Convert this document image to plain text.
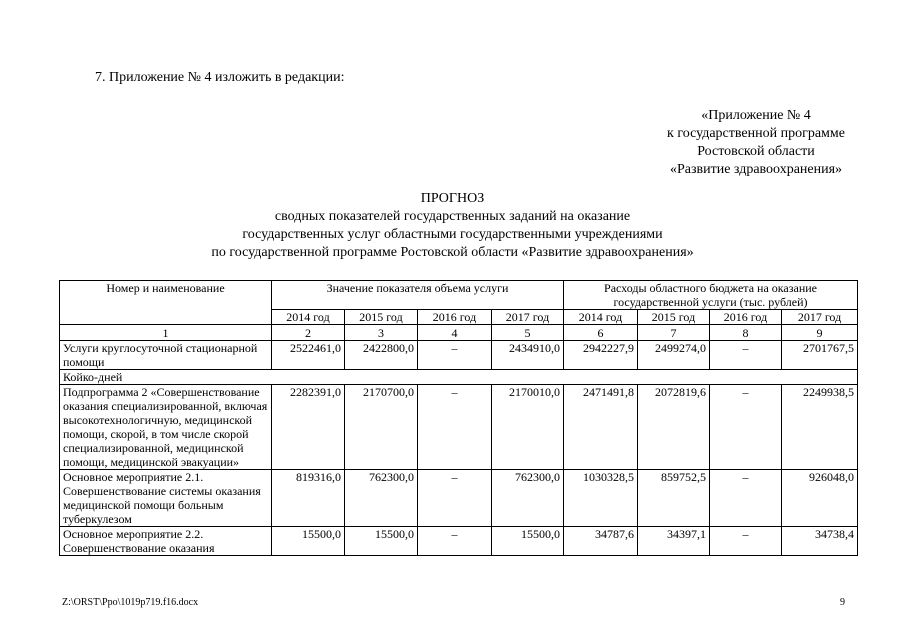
7. Приложение № 4 изложить в редакции:
«Приложение № 4
к государственной программе
Ростовской области
«Развитие здравоохранения»
ПРОГНОЗ
сводных показателей государственных заданий на оказание
государственных услуг областными государственными учреждениями
по государственной программе Ростовской области «Развитие здравоохранения»
Номер и наименование	Значение показателя объема услуги				Расходы областного бюджета на оказание государственной услуги (тыс. рублей)			
	2014 год	2015 год	2016 год	2017 год	2014 год	2015 год	2016 год	2017 год
1	2	3	4	5	6	7	8	9
Услуги круглосуточной стационарной помощи	2522461,0	2422800,0	–	2434910,0	2942227,9	2499274,0	–	2701767,5
Койко-дней								
Подпрограмма 2 «Совершенствование оказания специализированной, включая высокотехнологичную, медицинской помощи, скорой, в том числе скорой специализированной, медицинской помощи, медицинской эвакуации»	2282391,0	2170700,0	–	2170010,0	2471491,8	2072819,6	–	2249938,5
Основное мероприятие 2.1. Совершенствование системы оказания медицинской помощи больным туберкулезом	819316,0	762300,0	–	762300,0	1030328,5	859752,5	–	926048,0
Основное мероприятие 2.2. Совершенствование оказания	15500,0	15500,0	–	15500,0	34787,6	34397,1	–	34738,4
Z:\ORST\Ppo\1019p719.f16.docx	9
